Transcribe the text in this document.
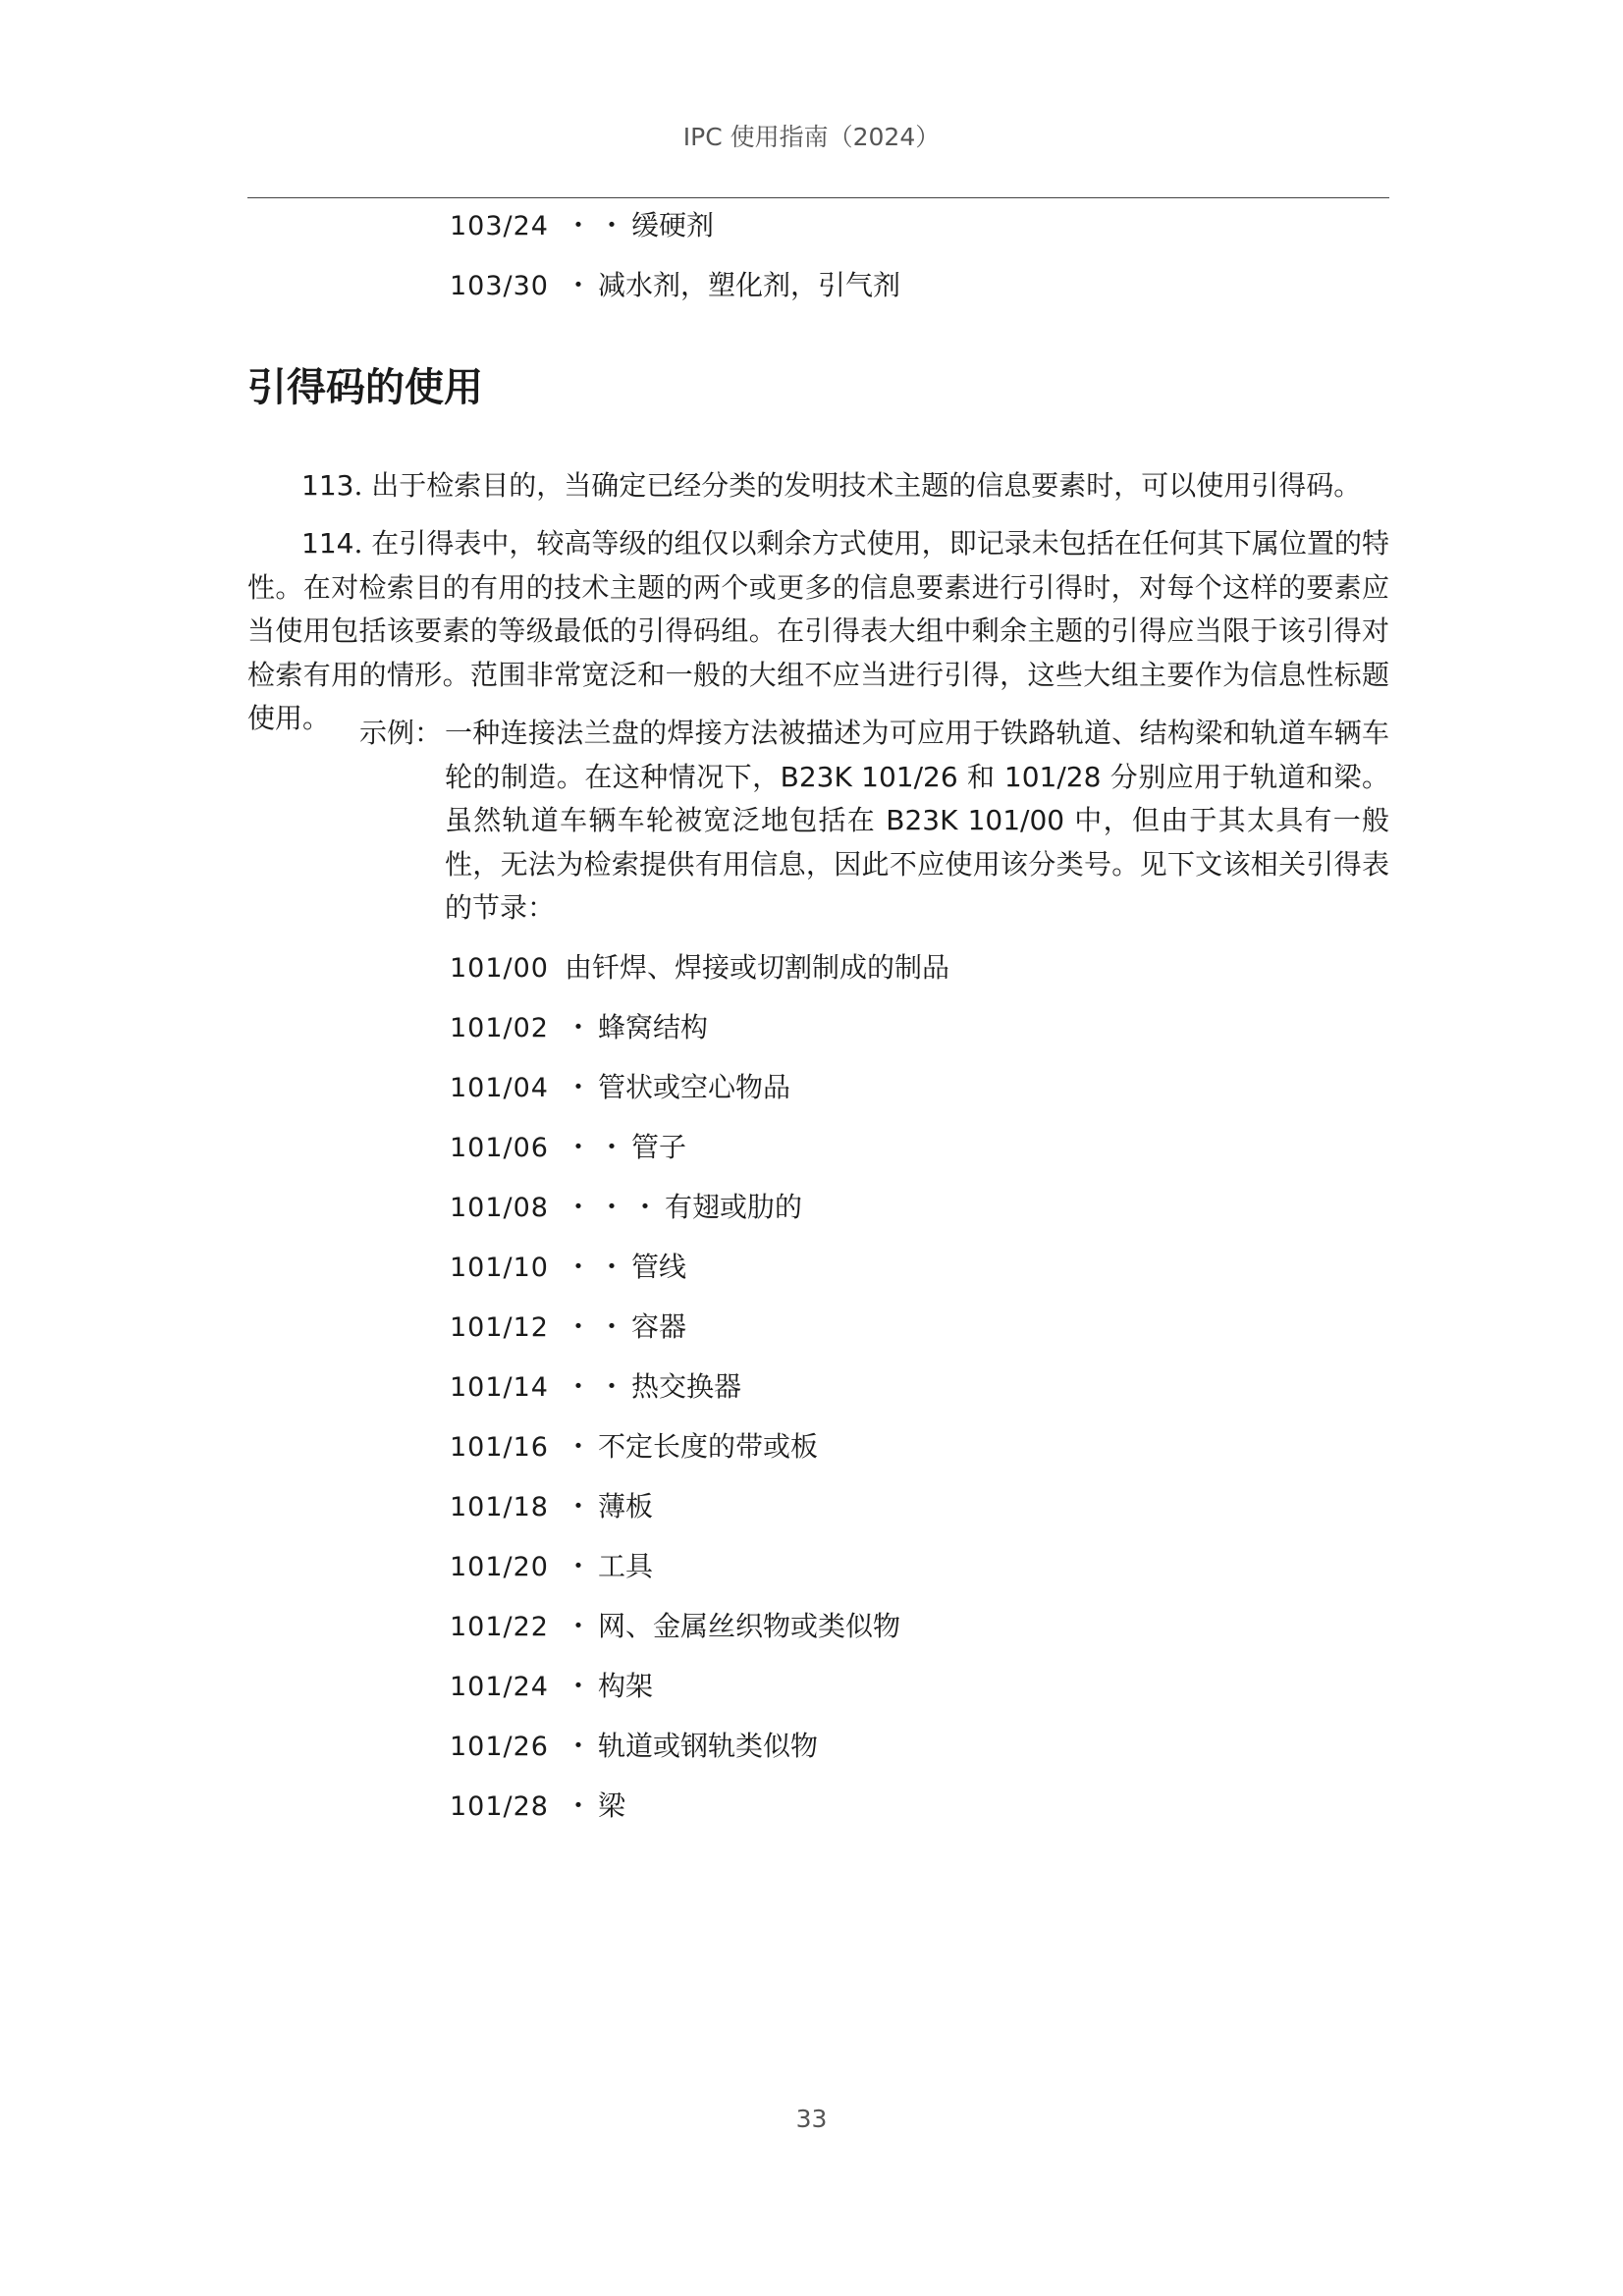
IPC 使用指南（2024）
103/24 ・・缓硬剂
103/30 ・减水剂，塑化剂，引气剂
引得码的使用
113. 出于检索目的，当确定已经分类的发明技术主题的信息要素时，可以使用引得码。
114. 在引得表中，较高等级的组仅以剩余方式使用，即记录未包括在任何其下属位置的特性。在对检索目的有用的技术主题的两个或更多的信息要素进行引得时，对每个这样的要素应当使用包括该要素的等级最低的引得码组。在引得表大组中剩余主题的引得应当限于该引得对检索有用的情形。范围非常宽泛和一般的大组不应当进行引得，这些大组主要作为信息性标题使用。	示例： 一种连接法兰盘的焊接方法被描述为可应用于铁路轨道、结构梁和轨道车辆车轮的制造。在这种情况下，B23K 101/26 和 101/28 分别应用于轨道和梁。虽然轨道车辆车轮被宽泛地包括在 B23K 101/00 中，但由于其太具有一般性，无法为检索提供有用信息，因此不应使用该分类号。见下文该相关引得表的节录：
101/00 由钎焊、焊接或切割制成的制品
101/02 ・蜂窝结构
101/04 ・管状或空心物品
101/06 ・・管子
101/08 ・・・有翅或肋的
101/10 ・・管线
101/12 ・・容器
101/14 ・・热交换器
101/16 ・不定长度的带或板
101/18 ・薄板
101/20 ・工具
101/22 ・网、金属丝织物或类似物
101/24 ・构架
101/26 ・轨道或钢轨类似物
101/28 ・梁
33
